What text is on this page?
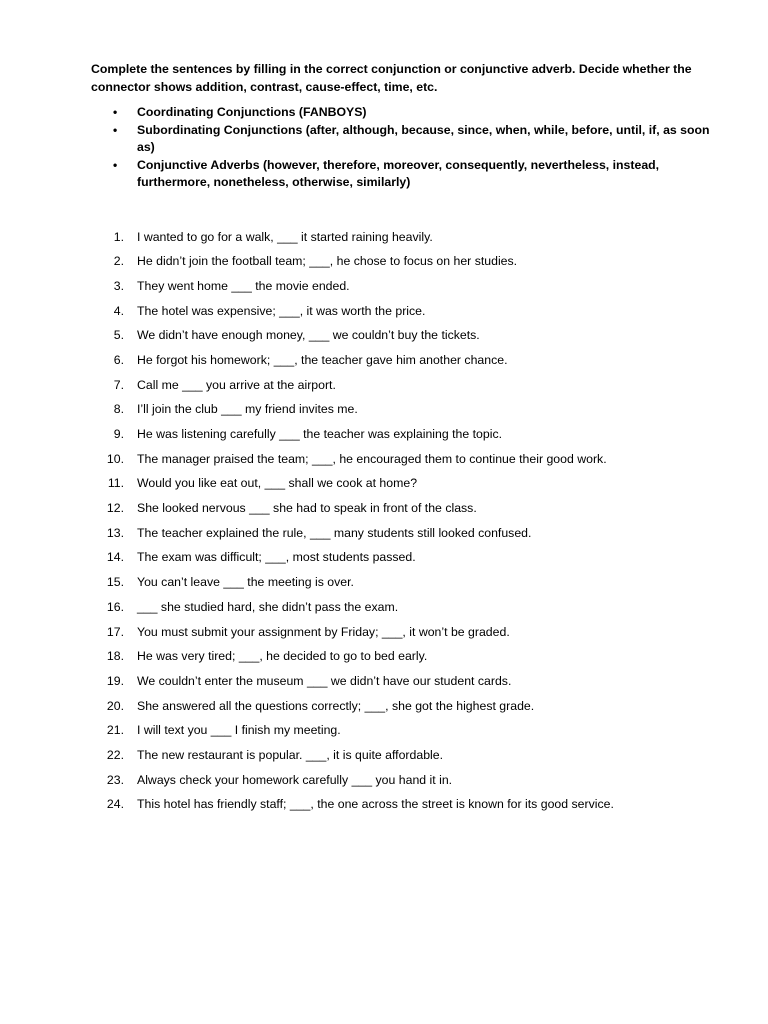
Complete the sentences by filling in the correct conjunction or conjunctive adverb. Decide whether the connector shows addition, contrast, cause-effect, time, etc.

• Coordinating Conjunctions (FANBOYS)
• Subordinating Conjunctions (after, although, because, since, when, while, before, until, if, as soon as)
• Conjunctive Adverbs (however, therefore, moreover, consequently, nevertheless, instead, furthermore, nonetheless, otherwise, similarly)
1. I wanted to go for a walk, ___ it started raining heavily.
2. He didn’t join the football team; ___, he chose to focus on her studies.
3. They went home ___ the movie ended.
4. The hotel was expensive; ___, it was worth the price.
5. We didn’t have enough money, ___ we couldn’t buy the tickets.
6. He forgot his homework; ___, the teacher gave him another chance.
7. Call me ___ you arrive at the airport.
8. I’ll join the club ___ my friend invites me.
9. He was listening carefully ___ the teacher was explaining the topic.
10. The manager praised the team; ___, he encouraged them to continue their good work.
11. Would you like eat out, ___ shall we cook at home?
12. She looked nervous ___ she had to speak in front of the class.
13. The teacher explained the rule, ___ many students still looked confused.
14. The exam was difficult; ___, most students passed.
15. You can’t leave ___ the meeting is over.
16. ___ she studied hard, she didn’t pass the exam.
17. You must submit your assignment by Friday; ___, it won’t be graded.
18. He was very tired; ___, he decided to go to bed early.
19. We couldn’t enter the museum ___ we didn’t have our student cards.
20. She answered all the questions correctly; ___, she got the highest grade.
21. I will text you ___ I finish my meeting.
22. The new restaurant is popular. ___, it is quite affordable.
23. Always check your homework carefully ___ you hand it in.
24. This hotel has friendly staff; ___, the one across the street is known for its good service.
